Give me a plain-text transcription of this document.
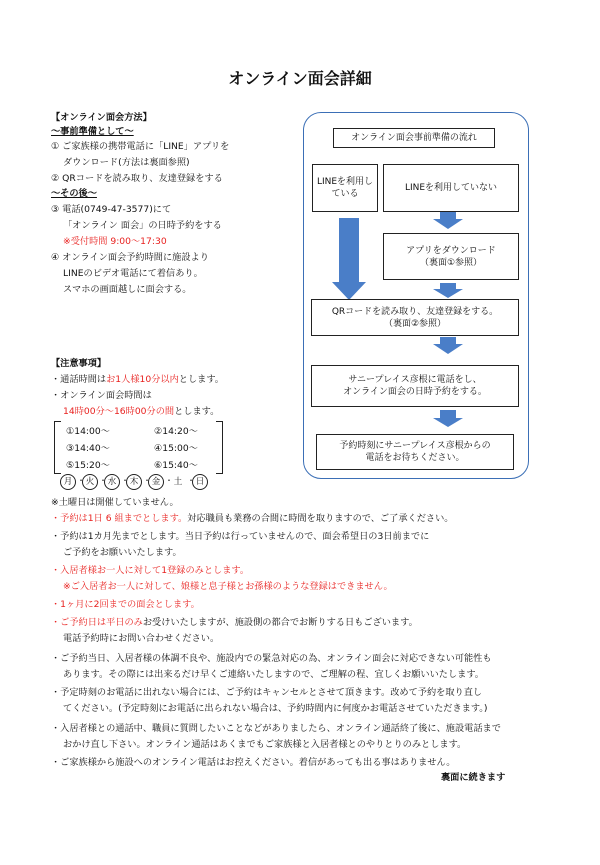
オンライン面会詳細
【オンライン面会方法】
～事前準備として～
① ご家族様の携帯電話に「LINE」アプリを
ダウンロード(方法は裏面参照)
② QRコードを読み取り、友達登録をする
～その後～
③ 電話(0749-47-3577)にて
「オンライン 面会」の日時予約をする
※受付時間 9:00～17:30
④ オンライン面会予約時間に施設より
LINEのビデオ電話にて着信あり。
スマホの画面越しに面会する。
オンライン面会事前準備の流れ
LINEを利用している
LINEを利用していない
アプリをダウンロード
（裏面①参照）
QRコードを読み取り、友達登録をする。
（裏面②参照）
サニープレイス彦根に電話をし、
オンライン面会の日時予約をする。
予約時刻にサニープレイス彦根からの
電話をお待ちください。
【注意事項】
・通話時間はお1人様10分以内とします。
・オンライン面会時間は
14時00分～16時00分の間とします。
①14:00～	②14:20～
③14:40～	④15:00～
⑤15:20～	⑥15:40～
月 ・ 火 ・ 水 ・ 木 ・ 金 ・ 土 ・ 日
※土曜日は開催していません。
・予約は1日 6 組までとします。対応職員も業務の合間に時間を取りますので、ご了承ください。
・予約は1カ月先までとします。当日予約は行っていませんので、面会希望日の3日前までに
ご予約をお願いいたします。
・入居者様お一人に対して1登録のみとします。
※ご入居者お一人に対して、娘様と息子様とお孫様のような登録はできません。
・1ヶ月に2回までの面会とします。
・ご予約日は平日のみお受けいたしますが、施設側の都合でお断りする日もございます。
電話予約時にお問い合わせください。
・ご予約当日、入居者様の体調不良や、施設内での緊急対応の為、オンライン面会に対応できない可能性も
あります。その際には出来るだけ早くご連絡いたしますので、ご理解の程、宜しくお願いいたします。
・予定時刻のお電話に出れない場合には、ご予約はキャンセルとさせて頂きます。改めて予約を取り直し
てください。(予定時刻にお電話に出られない場合は、予約時間内に何度かお電話させていただきます。)
・入居者様との通話中、職員に質問したいことなどがありましたら、オンライン通話終了後に、施設電話まで
おかけ直し下さい。オンライン通話はあくまでもご家族様と入居者様とのやりとりのみとします。
・ご家族様から施設へのオンライン電話はお控えください。着信があっても出る事はありません。
裏面に続きます
